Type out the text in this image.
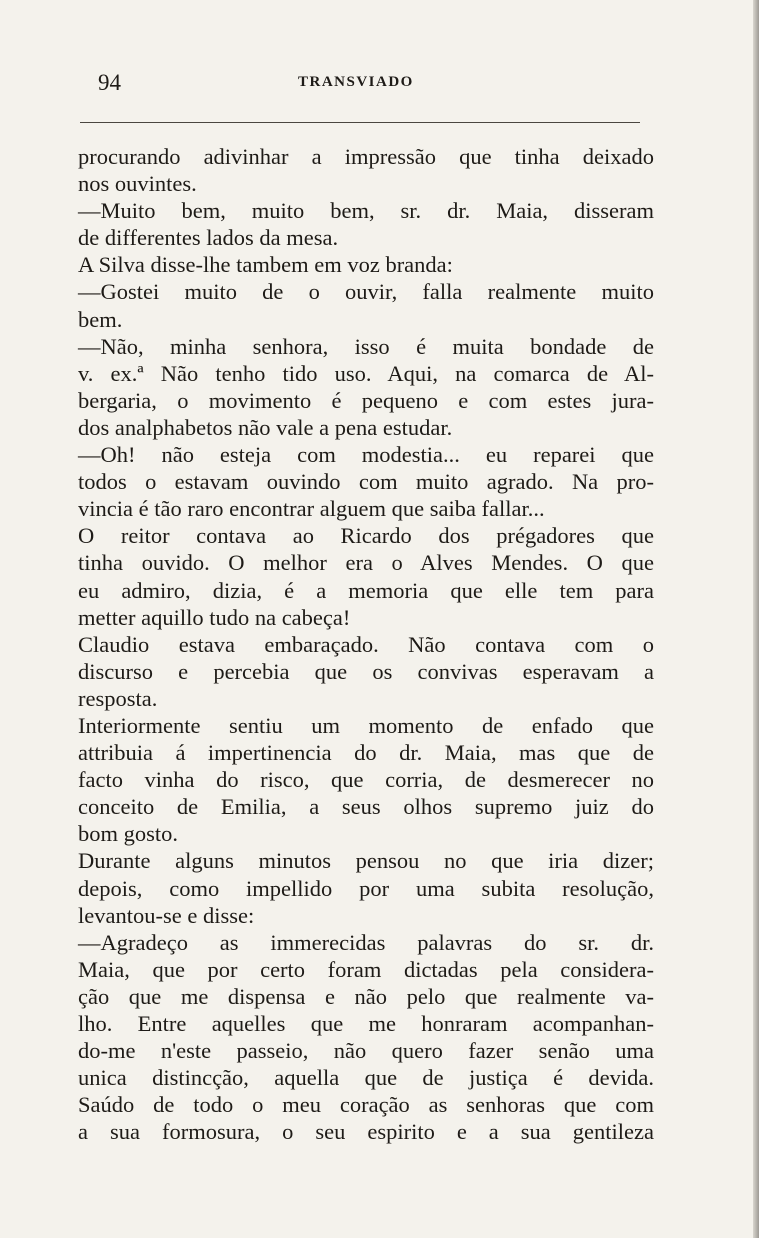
94	TRANSVIADO
procurando adivinhar a impressão que tinha deixado
nos ouvintes.
—Muito bem, muito bem, sr. dr. Maia, disseram
de differentes lados da mesa.
A Silva disse-lhe tambem em voz branda:
—Gostei muito de o ouvir, falla realmente muito
bem.
—Não, minha senhora, isso é muita bondade de
v. ex.ª Não tenho tido uso. Aqui, na comarca de Al-
bergaria, o movimento é pequeno e com estes jura-
dos analphabetos não vale a pena estudar.
—Oh! não esteja com modestia... eu reparei que
todos o estavam ouvindo com muito agrado. Na pro-
vincia é tão raro encontrar alguem que saiba fallar...
O reitor contava ao Ricardo dos prégadores que
tinha ouvido. O melhor era o Alves Mendes. O que
eu admiro, dizia, é a memoria que elle tem para
metter aquillo tudo na cabeça!
Claudio estava embaraçado. Não contava com o
discurso e percebia que os convivas esperavam a
resposta.
Interiormente sentiu um momento de enfado que
attribuia á impertinencia do dr. Maia, mas que de
facto vinha do risco, que corria, de desmerecer no
conceito de Emilia, a seus olhos supremo juiz do
bom gosto.
Durante alguns minutos pensou no que iria dizer;
depois, como impellido por uma subita resolução,
levantou-se e disse:
—Agradeço as immerecidas palavras do sr. dr.
Maia, que por certo foram dictadas pela considera-
ção que me dispensa e não pelo que realmente va-
lho. Entre aquelles que me honraram acompanhan-
do-me n'este passeio, não quero fazer senão uma
unica distincção, aquella que de justiça é devida.
Saúdo de todo o meu coração as senhoras que com
a sua formosura, o seu espirito e a sua gentileza
